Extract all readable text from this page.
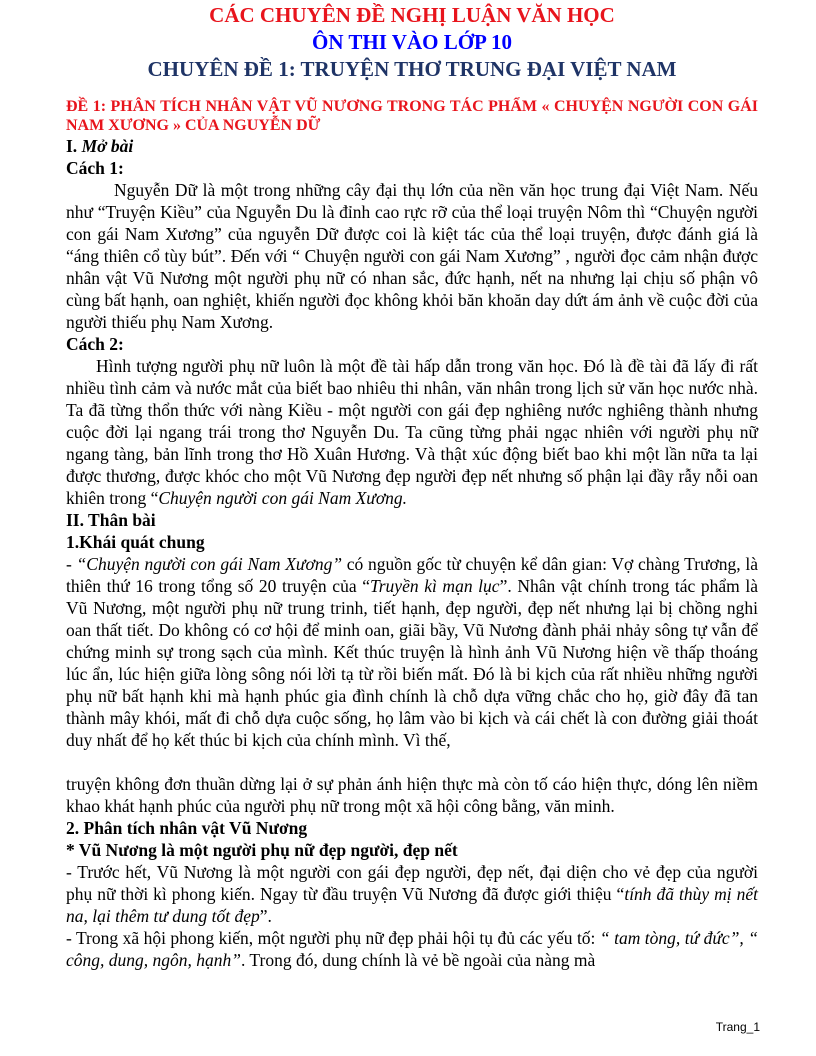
CÁC CHUYÊN ĐỀ NGHỊ LUẬN VĂN HỌC

ÔN THI VÀO LỚP 10

CHUYÊN ĐỀ 1: TRUYỆN THƠ TRUNG ĐẠI VIỆT NAM

ĐỀ 1: PHÂN TÍCH NHÂN VẬT VŨ NƯƠNG TRONG TÁC PHẨM « CHUYỆN NGƯỜI CON GÁI NAM XƯƠNG » CỦA NGUYỄN DỮ

I. Mở bài

Cách 1:

Nguyễn Dữ là một trong những cây đại thụ lớn của nền văn học trung đại Việt Nam. Nếu như “Truyện Kiều” của Nguyễn Du là đỉnh cao rực rỡ của thể loại truyện Nôm thì “Chuyện người con gái Nam Xương” của nguyễn Dữ được coi là kiệt tác của thể loại truyện, được đánh giá là “áng thiên cổ tùy bút”. Đến với “ Chuyện người con gái Nam Xương” , người đọc cảm nhận được nhân vật Vũ Nương một người phụ nữ có nhan sắc, đức hạnh, nết na nhưng lại chịu số phận vô cùng bất hạnh, oan nghiệt, khiến người đọc không khỏi băn khoăn day dứt ám ảnh về cuộc đời của người thiếu phụ Nam Xương.

Cách 2:

Hình tượng người phụ nữ luôn là một đề tài hấp dẫn trong văn học. Đó là đề tài đã lấy đi rất nhiều tình cảm và nước mắt của biết bao nhiêu thi nhân, văn nhân trong lịch sử văn học nước nhà. Ta đã từng thổn thức với nàng Kiều - một người con gái đẹp nghiêng nước nghiêng thành nhưng cuộc đời lại ngang trái trong thơ Nguyễn Du. Ta cũng từng phải ngạc nhiên với người phụ nữ ngang tàng, bản lĩnh trong thơ Hồ Xuân Hương. Và thật xúc động biết bao khi một lần nữa ta lại được thương, được khóc cho một Vũ Nương đẹp người đẹp nết nhưng số phận lại đầy rẫy nỗi oan khiên trong “Chuyện người con gái Nam Xương.

II. Thân bài

1.Khái quát chung

- “Chuyện người con gái Nam Xương” có nguồn gốc từ chuyện kể dân gian: Vợ chàng Trương, là thiên thứ 16 trong tổng số 20 truyện của “Truyền kì mạn lục”. Nhân vật chính trong tác phẩm là Vũ Nương, một người phụ nữ trung trinh, tiết hạnh, đẹp người, đẹp nết nhưng lại bị chồng nghi oan thất tiết. Do không có cơ hội để minh oan, giãi bầy, Vũ Nương đành phải nhảy sông tự vẫn để chứng minh sự trong sạch của mình. Kết thúc truyện là hình ảnh Vũ Nương hiện về thấp thoáng lúc ẩn, lúc hiện giữa lòng sông nói lời tạ từ rồi biến mất. Đó là bi kịch của rất nhiều những người phụ nữ bất hạnh khi mà hạnh phúc gia đình chính là chỗ dựa vững chắc cho họ, giờ đây đã tan thành mây khói, mất đi chỗ dựa cuộc sống, họ lâm vào bi kịch và cái chết là con đường giải thoát duy nhất để họ kết thúc bi kịch của chính mình. Vì thế,

truyện không đơn thuần dừng lại ở sự phản ánh hiện thực mà còn tố cáo hiện thực, dóng lên niềm khao khát hạnh phúc của người phụ nữ trong một xã hội công bằng, văn minh.

2. Phân tích nhân vật Vũ Nương

* Vũ Nương là một người phụ nữ đẹp người, đẹp nết

- Trước hết, Vũ Nương là một người con gái đẹp người, đẹp nết, đại diện cho vẻ đẹp của người phụ nữ thời kì phong kiến. Ngay từ đầu truyện Vũ Nương đã được giới thiệu “tính đã thùy mị nết na, lại thêm tư dung tốt đẹp”.

- Trong xã hội phong kiến, một người phụ nữ đẹp phải hội tụ đủ các yếu tố: “ tam tòng, tứ đức”, “ công, dung, ngôn, hạnh”. Trong đó, dung chính là vẻ bề ngoài của nàng mà

Trang_1
